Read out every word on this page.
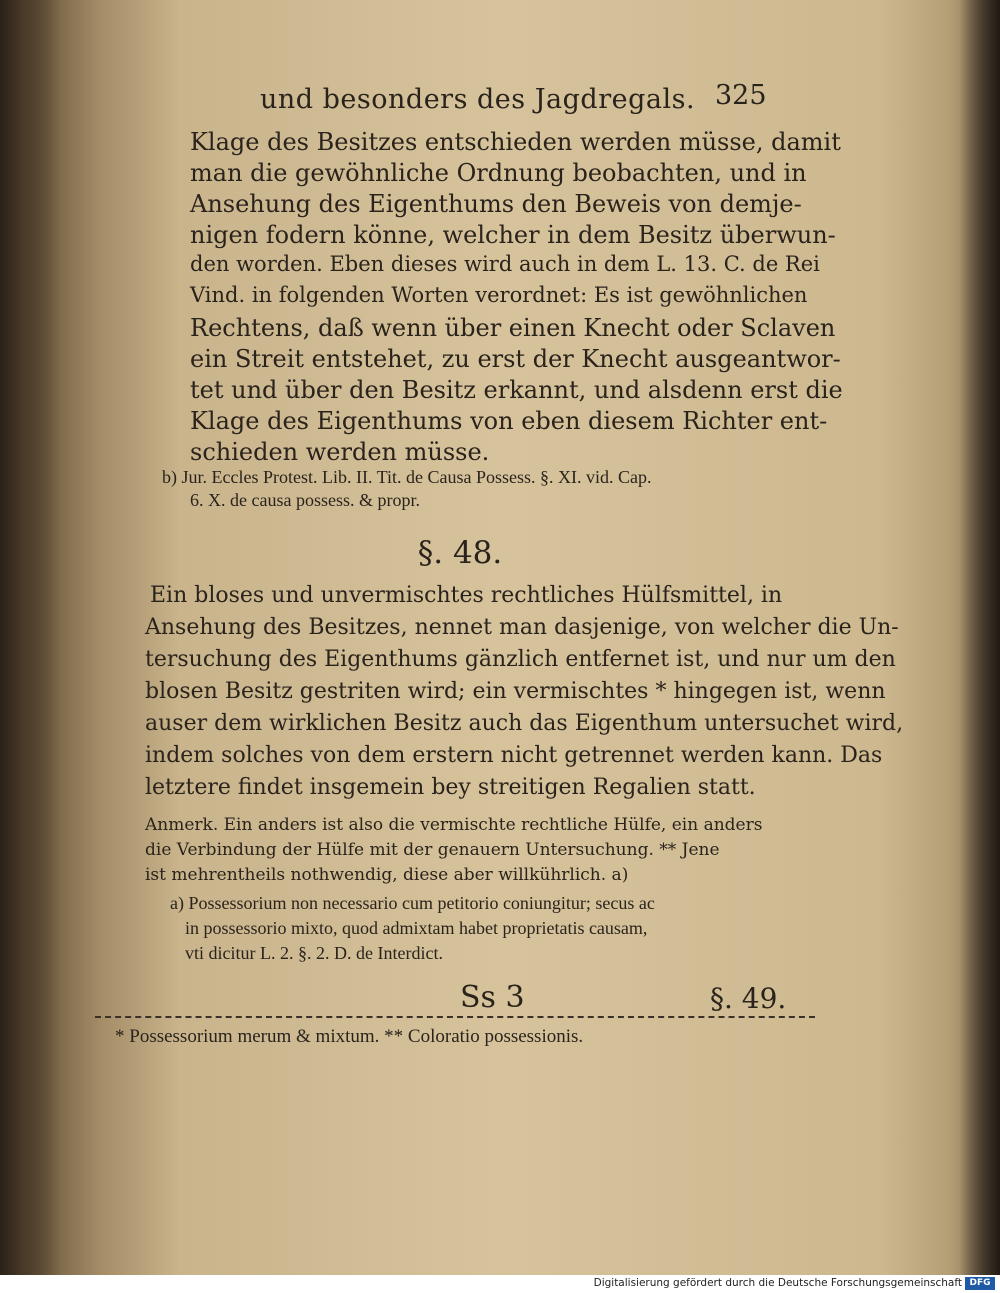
und besonders des Jagdregals. 325
Klage des Besitzes entschieden werden müsse, damit
man die gewöhnliche Ordnung beobachten, und in
Ansehung des Eigenthums den Beweis von demje-
nigen fodern könne, welcher in dem Besitz überwun-
den worden. Eben dieses wird auch in dem L. 13. C. de Rei
Vind. in folgenden Worten verordnet: Es ist gewöhnlichen
Rechtens, daß wenn über einen Knecht oder Sclaven
ein Streit entstehet, zu erst der Knecht ausgeantwor-
tet und über den Besitz erkannt, und alsdenn erst die
Klage des Eigenthums von eben diesem Richter ent-
schieden werden müsse.
b) Jur. Eccles Protest. Lib. II. Tit. de Causa Possess. §. XI. vid. Cap.
6. X. de causa possess. & propr.
§. 48.
Ein bloses und unvermischtes rechtliches Hülfsmittel, in
Ansehung des Besitzes, nennet man dasjenige, von welcher die Un-
tersuchung des Eigenthums gänzlich entfernet ist, und nur um den
blosen Besitz gestriten wird; ein vermischtes * hingegen ist, wenn
auser dem wirklichen Besitz auch das Eigenthum untersuchet wird,
indem solches von dem erstern nicht getrennet werden kann. Das
letztere findet insgemein bey streitigen Regalien statt.
Anmerk. Ein anders ist also die vermischte rechtliche Hülfe, ein anders
die Verbindung der Hülfe mit der genauern Untersuchung. ** Jene
ist mehrentheils nothwendig, diese aber willkührlich. a)
a) Possessorium non necessario cum petitorio coniungitur; secus ac
in possessorio mixto, quod admixtam habet proprietatis causam,
vti dicitur L. 2. §. 2. D. de Interdict.
Ss 3	§. 49.
* Possessorium merum & mixtum. ** Coloratio possessionis.
Digitalisierung gefördert durch die Deutsche Forschungsgemeinschaft DFG
